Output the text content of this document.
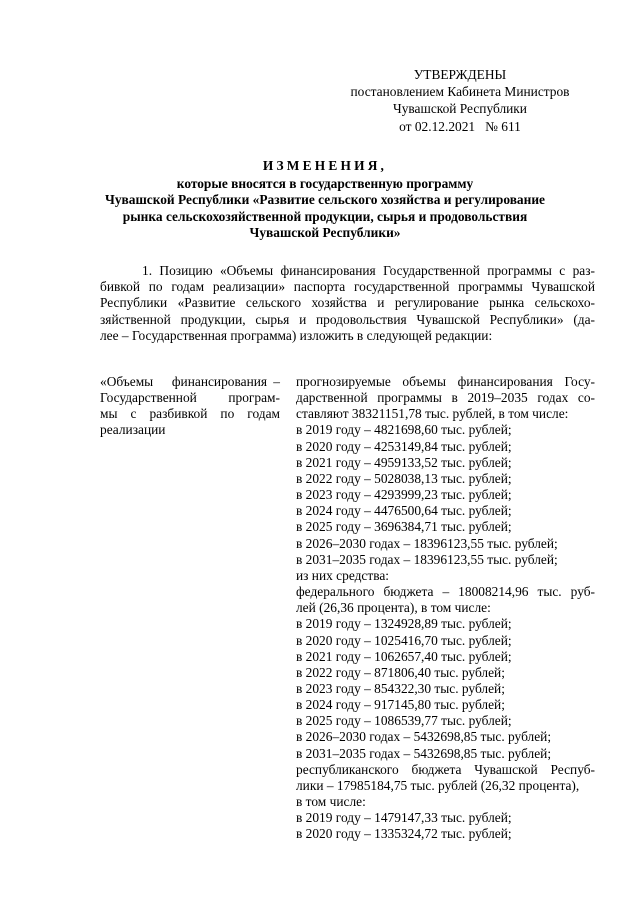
УТВЕРЖДЕНЫ
постановлением Кабинета Министров
Чувашской Республики
от 02.12.2021   № 611
ИЗМЕНЕНИЯ,
которые вносятся в государственную программу
Чувашской Республики «Развитие сельского хозяйства и регулирование
рынка сельскохозяйственной продукции, сырья и продовольствия
Чувашской Республики»
1. Позицию «Объемы финансирования Государственной программы с раз-
бивкой по годам реализации» паспорта государственной программы Чувашской
Республики «Развитие сельского хозяйства и регулирование рынка сельскохо-
зяйственной продукции, сырья и продовольствия Чувашской Республики» (да-
лее – Государственная программа) изложить в следующей редакции:
«Объемы   финансирования –
Государственной   програм-
мы  с  разбивкой  по  годам
реализации
прогнозируемые объемы финансирования Госу-
дарственной программы в 2019–2035 годах со-
ставляют 38321151,78 тыс. рублей, в том числе:
в 2019 году – 4821698,60 тыс. рублей;
в 2020 году – 4253149,84 тыс. рублей;
в 2021 году – 4959133,52 тыс. рублей;
в 2022 году – 5028038,13 тыс. рублей;
в 2023 году – 4293999,23 тыс. рублей;
в 2024 году – 4476500,64 тыс. рублей;
в 2025 году – 3696384,71 тыс. рублей;
в 2026–2030 годах – 18396123,55 тыс. рублей;
в 2031–2035 годах – 18396123,55 тыс. рублей;
из них средства:
федерального бюджета – 18008214,96 тыс. руб-
лей (26,36 процента), в том числе:
в 2019 году – 1324928,89 тыс. рублей;
в 2020 году – 1025416,70 тыс. рублей;
в 2021 году – 1062657,40 тыс. рублей;
в 2022 году – 871806,40 тыс. рублей;
в 2023 году – 854322,30 тыс. рублей;
в 2024 году – 917145,80 тыс. рублей;
в 2025 году – 1086539,77 тыс. рублей;
в 2026–2030 годах – 5432698,85 тыс. рублей;
в 2031–2035 годах – 5432698,85 тыс. рублей;
республиканского бюджета Чувашской Респуб-
лики – 17985184,75 тыс. рублей (26,32 процента),
в том числе:
в 2019 году – 1479147,33 тыс. рублей;
в 2020 году – 1335324,72 тыс. рублей;
